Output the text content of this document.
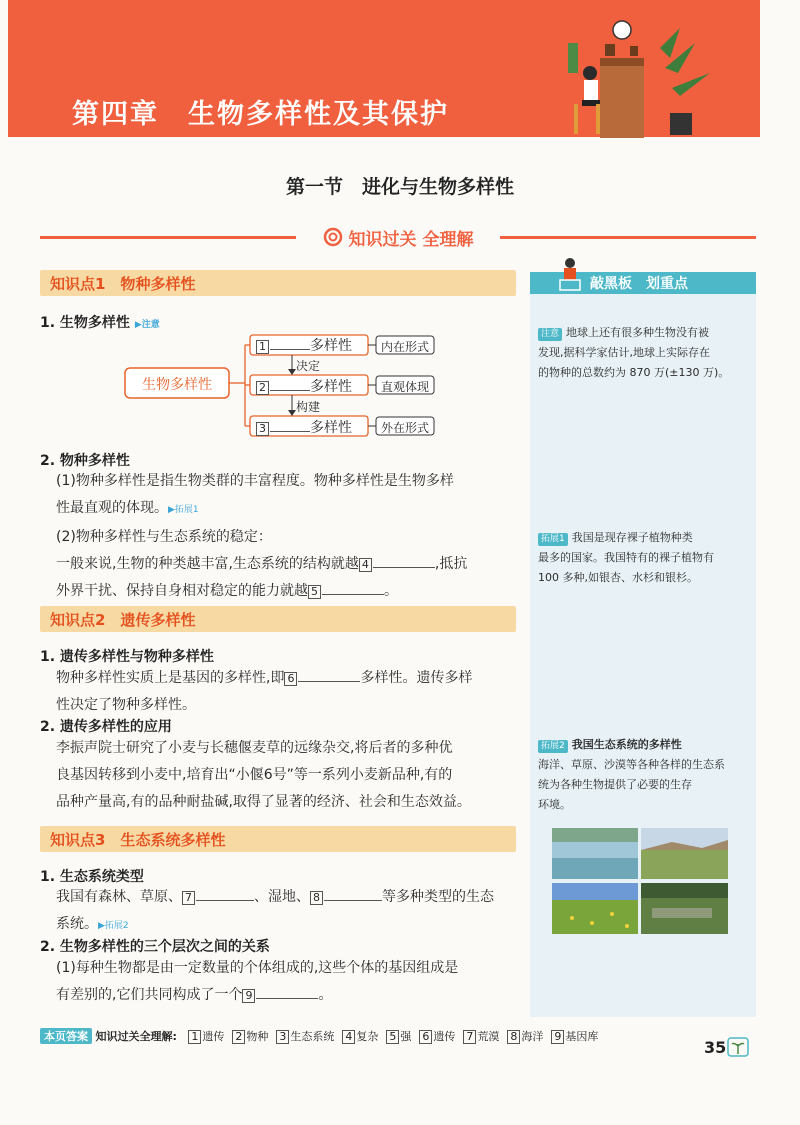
第四章　生物多样性及其保护
第一节　进化与生物多样性
知识过关 全理解
知识点1　物种多样性
1. 生物多样性 ▶注意
生物多样性
1	多样性
2	多样性
3	多样性
内在形式
直观体现
外在形式
决定
构建
2. 物种多样性
(1)物种多样性是指生物类群的丰富程度。物种多样性是生物多样
性最直观的体现。▶拓展1
(2)物种多样性与生态系统的稳定：
一般来说,生物的种类越丰富,生态系统的结构就越 4	,抵抗
外界干扰、保持自身相对稳定的能力就越 5	。
知识点2　遗传多样性
1. 遗传多样性与物种多样性
物种多样性实质上是基因的多样性,即 6	多样性。遗传多样
性决定了物种多样性。
2. 遗传多样性的应用
李振声院士研究了小麦与长穗偃麦草的远缘杂交,将后者的多种优
良基因转移到小麦中,培育出“小偃6号”等一系列小麦新品种,有的
品种产量高,有的品种耐盐碱,取得了显著的经济、社会和生态效益。
知识点3　生态系统多样性
1. 生态系统类型
我国有森林、草原、 7	、湿地、 8	等多种类型的生态
系统。▶拓展2
2. 生物多样性的三个层次之间的关系
(1)每种生物都是由一定数量的个体组成的,这些个体的基因组成是
有差别的,它们共同构成了一个 9	。
敲黑板　划重点
注意 地球上还有很多种生物没有被
发现,据科学家估计,地球上实际存在
的物种的总数约为 870 万(±130 万)。
拓展1 我国是现存裸子植物种类
最多的国家。我国特有的裸子植物有
100 多种,如银杏、水杉和银杉。
拓展2 我国生态系统的多样性
海洋、草原、沙漠等各种各样的生态系
统为各种生物提供了必要的生存
环境。
本页答案 知识过关全理解: 1 遗传 2 物种 3 生态系统 4 复杂 5 强 6 遗传 7 荒漠 8 海洋 9 基因库
35
